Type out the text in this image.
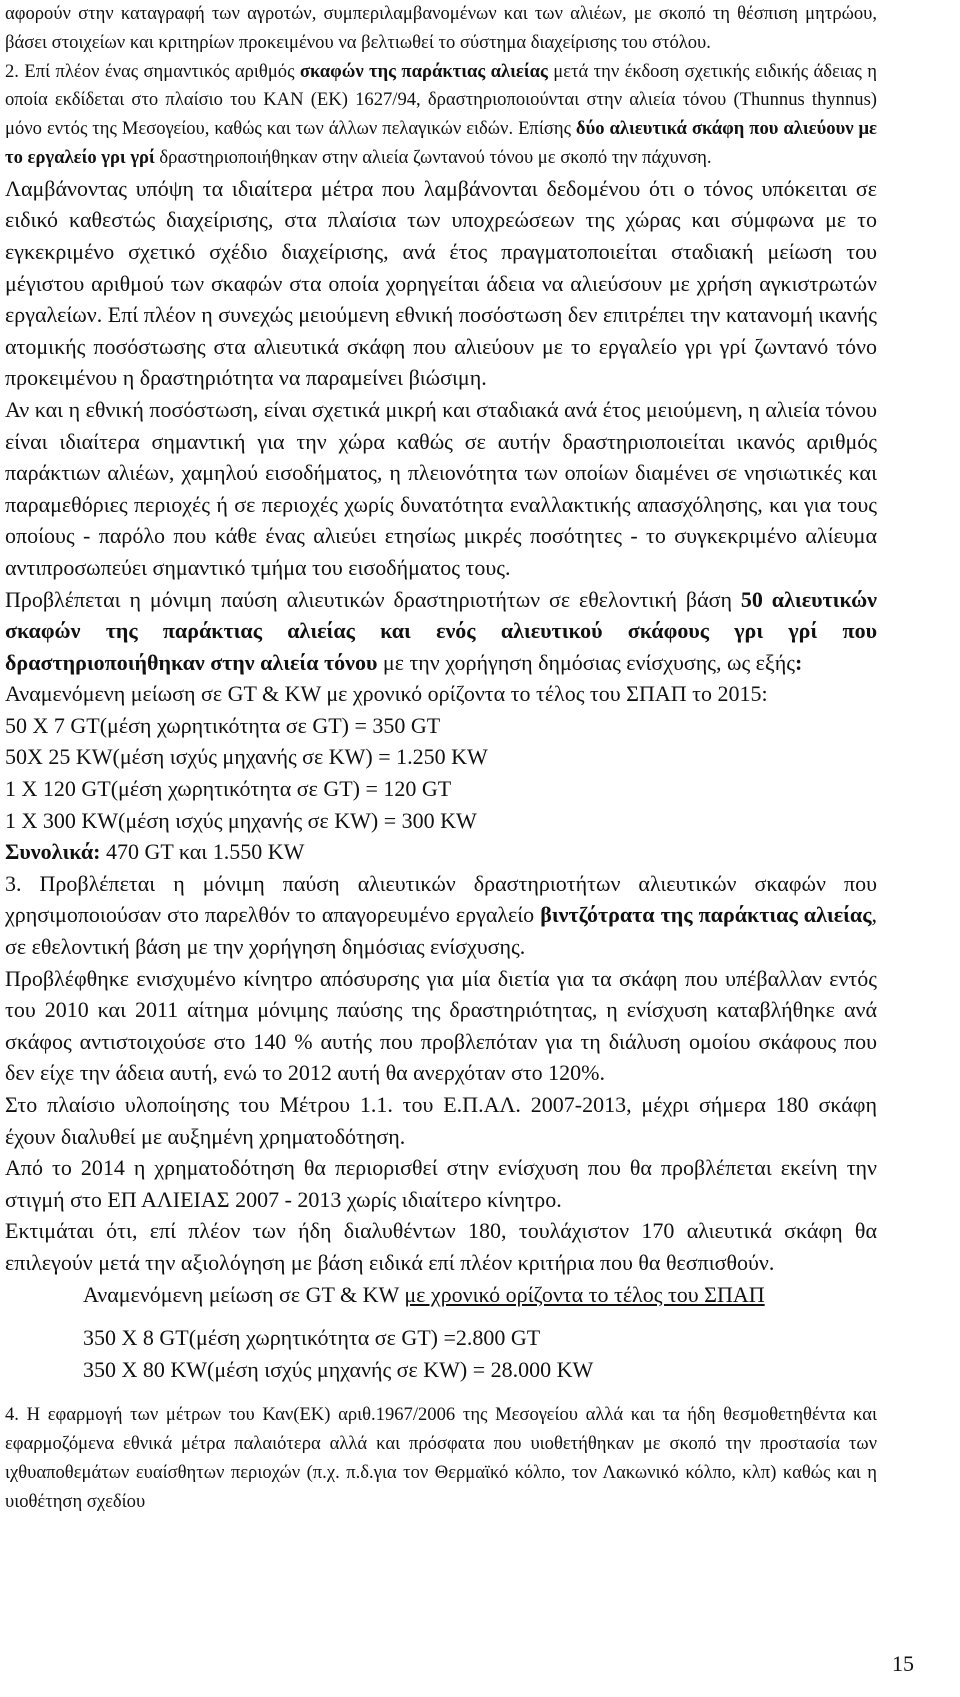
αφορούν στην καταγραφή των αγροτών, συμπεριλαμβανομένων και των αλιέων, με σκοπό τη θέσπιση μητρώου, βάσει στοιχείων και κριτηρίων προκειμένου να βελτιωθεί το σύστημα διαχείρισης του στόλου.

2. Επί πλέον ένας σημαντικός αριθμός σκαφών της παράκτιας αλιείας μετά την έκδοση σχετικής ειδικής άδειας η οποία εκδίδεται στο πλαίσιο του ΚΑΝ (ΕΚ) 1627/94, δραστηριοποιούνται στην αλιεία τόνου (Thunnus thynnus) μόνο εντός της Μεσογείου, καθώς και των άλλων πελαγικών ειδών. Επίσης δύο αλιευτικά σκάφη που αλιεύουν με το εργαλείο γρι γρί δραστηριοποιήθηκαν στην αλιεία ζωντανού τόνου με σκοπό την πάχυνση.

Λαμβάνοντας υπόψη τα ιδιαίτερα μέτρα που λαμβάνονται δεδομένου ότι ο τόνος υπόκειται σε ειδικό καθεστώς διαχείρισης, στα πλαίσια των υποχρεώσεων της χώρας και σύμφωνα με το εγκεκριμένο σχετικό σχέδιο διαχείρισης, ανά έτος πραγματοποιείται σταδιακή μείωση του μέγιστου αριθμού των σκαφών στα οποία χορηγείται άδεια να αλιεύσουν με χρήση αγκιστρωτών εργαλείων. Επί πλέον η συνεχώς μειούμενη εθνική ποσόστωση δεν επιτρέπει την κατανομή ικανής ατομικής ποσόστωσης στα αλιευτικά σκάφη που αλιεύουν με το εργαλείο γρι γρί ζωντανό τόνο προκειμένου η δραστηριότητα να παραμείνει βιώσιμη.

Αν και η εθνική ποσόστωση, είναι σχετικά μικρή και σταδιακά ανά έτος μειούμενη, η αλιεία τόνου είναι ιδιαίτερα σημαντική για την χώρα καθώς σε αυτήν δραστηριοποιείται ικανός αριθμός παράκτιων αλιέων, χαμηλού εισοδήματος, η πλειονότητα των οποίων διαμένει σε νησιωτικές και παραμεθόριες περιοχές ή σε περιοχές χωρίς δυνατότητα εναλλακτικής απασχόλησης, και για τους οποίους - παρόλο που κάθε ένας αλιεύει ετησίως μικρές ποσότητες - το συγκεκριμένο αλίευμα αντιπροσωπεύει σημαντικό τμήμα του εισοδήματος τους.

Προβλέπεται η μόνιμη παύση αλιευτικών δραστηριοτήτων σε εθελοντική βάση 50 αλιευτικών σκαφών της παράκτιας αλιείας και ενός αλιευτικού σκάφους γρι γρί που δραστηριοποιήθηκαν στην αλιεία τόνου με την χορήγηση δημόσιας ενίσχυσης, ως εξής:

Αναμενόμενη μείωση σε GT & KW με χρονικό ορίζοντα το τέλος του ΣΠΑΠ το 2015:
50 Χ 7 GT(μέση χωρητικότητα σε GT) = 350 GT
50Χ 25 KW(μέση ισχύς μηχανής σε KW) = 1.250 KW
1 Χ 120 GT(μέση χωρητικότητα σε GT) = 120 GT
1 Χ 300 KW(μέση ισχύς μηχανής σε KW) = 300 KW
Συνολικά: 470 GT και 1.550 KW

3. Προβλέπεται η μόνιμη παύση αλιευτικών δραστηριοτήτων αλιευτικών σκαφών που χρησιμοποιούσαν στο παρελθόν το απαγορευμένο εργαλείο βιντζότρατα της παράκτιας αλιείας, σε εθελοντική βάση με την χορήγηση δημόσιας ενίσχυσης.

Προβλέφθηκε ενισχυμένο κίνητρο απόσυρσης για μία διετία για τα σκάφη που υπέβαλλαν εντός του 2010 και 2011 αίτημα μόνιμης παύσης της δραστηριότητας, η ενίσχυση καταβλήθηκε ανά σκάφος αντιστοιχούσε στο 140 % αυτής που προβλεπόταν για τη διάλυση ομοίου σκάφους που δεν είχε την άδεια αυτή, ενώ το 2012 αυτή θα ανερχόταν στο 120%.

Στο πλαίσιο υλοποίησης του Μέτρου 1.1. του Ε.Π.ΑΛ. 2007-2013, μέχρι σήμερα 180 σκάφη έχουν διαλυθεί με αυξημένη χρηματοδότηση.

Από το 2014 η χρηματοδότηση θα περιορισθεί στην ενίσχυση που θα προβλέπεται εκείνη την στιγμή στο ΕΠ ΑΛΙΕΙΑΣ 2007 - 2013 χωρίς ιδιαίτερο κίνητρο.

Εκτιμάται ότι, επί πλέον των ήδη διαλυθέντων 180, τουλάχιστον 170 αλιευτικά σκάφη θα επιλεγούν μετά την αξιολόγηση με βάση ειδικά επί πλέον κριτήρια που θα θεσπισθούν.

Αναμενόμενη μείωση σε GT & KW με χρονικό ορίζοντα το τέλος του ΣΠΑΠ
350 Χ 8 GT(μέση χωρητικότητα σε GT) =2.800 GT
350 Χ 80 KW(μέση ισχύς μηχανής σε KW) = 28.000 KW

4. Η εφαρμογή των μέτρων του Καν(ΕΚ) αριθ.1967/2006 της Μεσογείου αλλά και τα ήδη θεσμοθετηθέντα και εφαρμοζόμενα εθνικά μέτρα παλαιότερα αλλά και πρόσφατα που υιοθετήθηκαν με σκοπό την προστασία των ιχθυαποθεμάτων ευαίσθητων περιοχών (π.χ. π.δ.για τον Θερμαϊκό κόλπο, τον Λακωνικό κόλπο, κλπ) καθώς και η υιοθέτηση σχεδίου

15
